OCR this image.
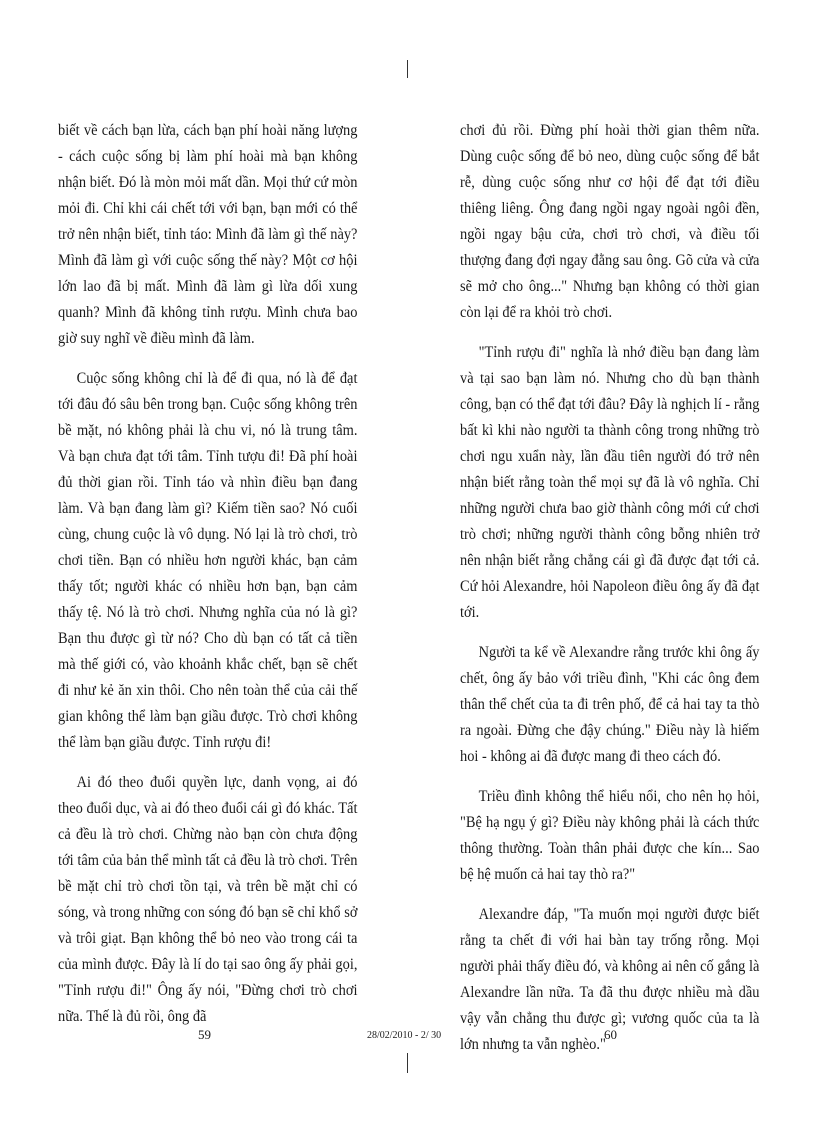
biết về cách bạn lừa, cách bạn phí hoài năng lượng - cách cuộc sống bị làm phí hoài mà bạn không nhận biết. Đó là mòn mỏi mất dần. Mọi thứ cứ mòn mỏi đi. Chỉ khi cái chết tới với bạn, bạn mới có thể trở nên nhận biết, tỉnh táo: Mình đã làm gì thế này? Mình đã làm gì với cuộc sống thế này? Một cơ hội lớn lao đã bị mất. Mình đã làm gì lừa dối xung quanh? Mình đã không tỉnh rượu. Mình chưa bao giờ suy nghĩ về điều mình đã làm.

Cuộc sống không chỉ là để đi qua, nó là để đạt tới đâu đó sâu bên trong bạn. Cuộc sống không trên bề mặt, nó không phải là chu vi, nó là trung tâm. Và bạn chưa đạt tới tâm. Tỉnh tượu đi! Đã phí hoài đủ thời gian rồi. Tỉnh táo và nhìn điều bạn đang làm. Và bạn đang làm gì? Kiếm tiền sao? Nó cuối cùng, chung cuộc là vô dụng. Nó lại là trò chơi, trò chơi tiền. Bạn có nhiều hơn người khác, bạn cảm thấy tốt; người khác có nhiều hơn bạn, bạn cảm thấy tệ. Nó là trò chơi. Nhưng nghĩa của nó là gì? Bạn thu được gì từ nó? Cho dù bạn có tất cả tiền mà thế giới có, vào khoảnh khắc chết, bạn sẽ chết đi như kẻ ăn xin thôi. Cho nên toàn thể của cải thế gian không thể làm bạn giầu được. Trò chơi không thể làm bạn giầu được. Tỉnh rượu đi!

Ai đó theo đuổi quyền lực, danh vọng, ai đó theo đuổi dục, và ai đó theo đuổi cái gì đó khác. Tất cả đều là trò chơi. Chừng nào bạn còn chưa động tới tâm của bản thể mình tất cả đều là trò chơi. Trên bề mặt chỉ trò chơi tồn tại, và trên bề mặt chỉ có sóng, và trong những con sóng đó bạn sẽ chỉ khổ sở và trôi giạt. Bạn không thể bỏ neo vào trong cái ta của mình được. Đây là lí do tại sao ông ấy phải gọi, "Tỉnh rượu đi!" Ông ấy nói, "Đừng chơi trò chơi nữa. Thế là đủ rồi, ông đã

chơi đủ rồi. Đừng phí hoài thời gian thêm nữa. Dùng cuộc sống để bỏ neo, dùng cuộc sống để bắt rễ, dùng cuộc sống như cơ hội để đạt tới điều thiêng liêng. Ông đang ngồi ngay ngoài ngôi đền, ngồi ngay bậu cửa, chơi trò chơi, và điều tối thượng đang đợi ngay đằng sau ông. Gõ cửa và cửa sẽ mở cho ông..." Nhưng bạn không có thời gian còn lại để ra khỏi trò chơi.

"Tỉnh rượu đi" nghĩa là nhớ điều bạn đang làm và tại sao bạn làm nó. Nhưng cho dù bạn thành công, bạn có thể đạt tới đâu? Đây là nghịch lí - rằng bất kì khi nào người ta thành công trong những trò chơi ngu xuẩn này, lần đầu tiên người đó trở nên nhận biết rằng toàn thể mọi sự đã là vô nghĩa. Chỉ những người chưa bao giờ thành công mới cứ chơi trò chơi; những người thành công bỗng nhiên trở nên nhận biết rằng chẳng cái gì đã được đạt tới cả. Cứ hỏi Alexandre, hỏi Napoleon điều ông ấy đã đạt tới.

Người ta kể về Alexandre rằng trước khi ông ấy chết, ông ấy bảo với triều đình, "Khi các ông đem thân thể chết của ta đi trên phố, để cả hai tay ta thò ra ngoài. Đừng che đậy chúng." Điều này là hiếm hoi - không ai đã được mang đi theo cách đó.

Triều đình không thể hiểu nổi, cho nên họ hỏi, "Bệ hạ ngụ ý gì? Điều này không phải là cách thức thông thường. Toàn thân phải được che kín... Sao bệ hệ muốn cả hai tay thò ra?"

Alexandre đáp, "Ta muốn mọi người được biết rằng ta chết đi với hai bàn tay trống rỗng. Mọi người phải thấy điều đó, và không ai nên cố gắng là Alexandre lần nữa. Ta đã thu được nhiều mà dầu vậy vẫn chẳng thu được gì; vương quốc của ta là lớn nhưng ta vẫn nghèo."

59	28/02/2010 - 2/ 30	60
